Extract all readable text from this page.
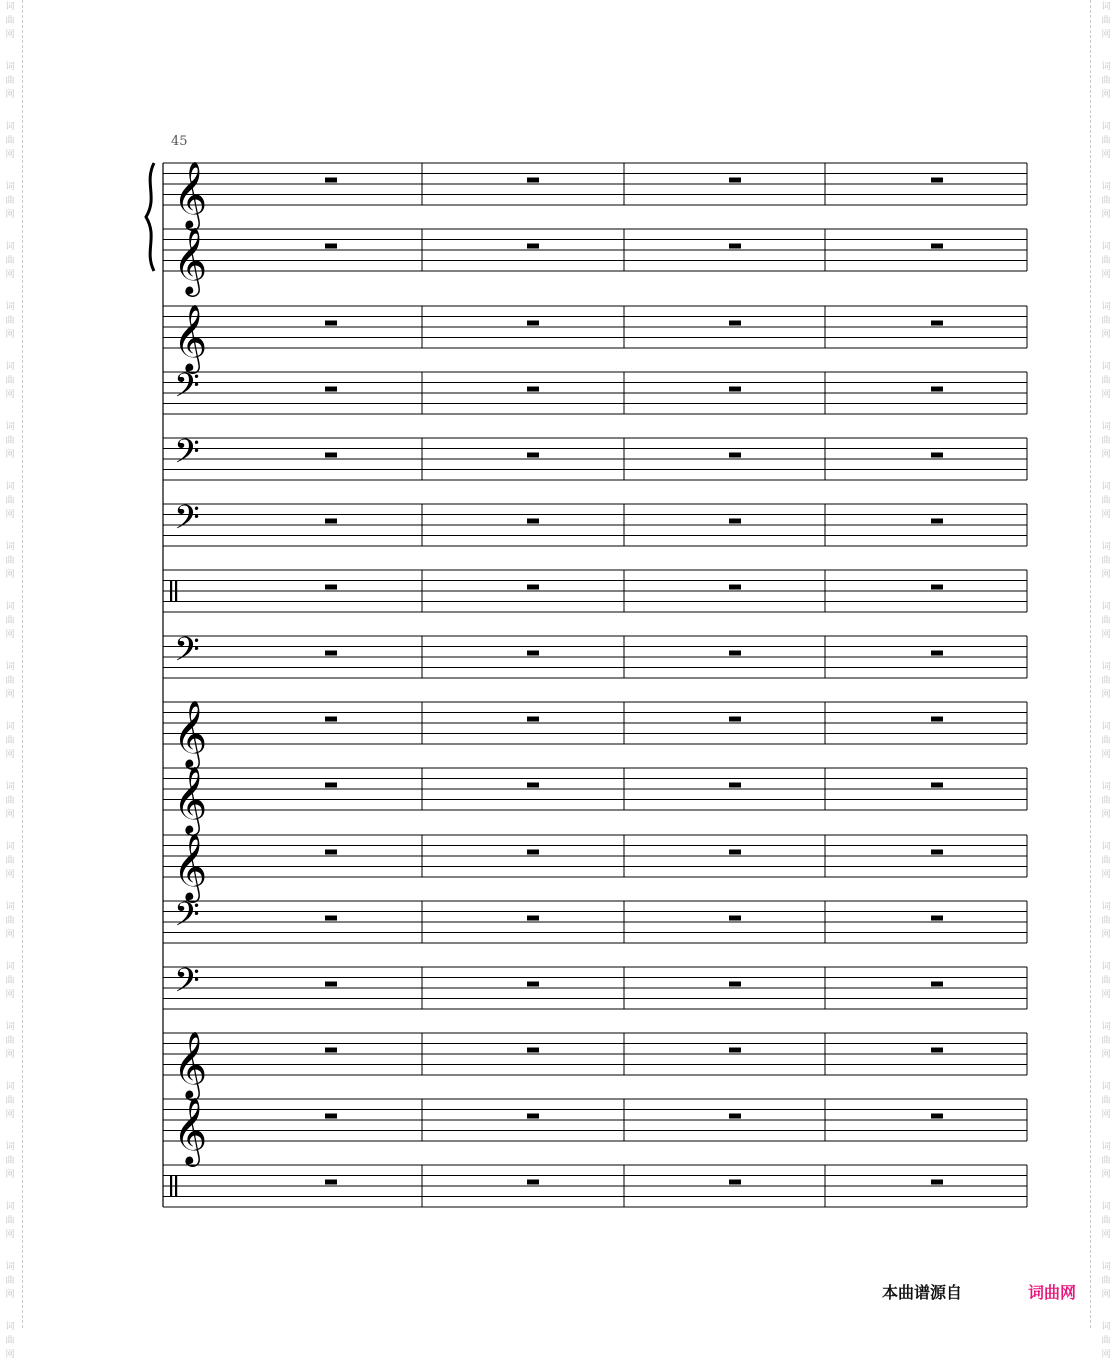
词
曲
网
词
曲
网
词
曲
网
词
曲
网
词
曲
网
词
曲
网
词
曲
网
词
曲
网
词
曲
网
词
曲
网
词
曲
网
词
曲
网
词
曲
网
词
曲
网
词
曲
网
词
曲
网
词
曲
网
词
曲
网
词
曲
网
词
曲
网
词
曲
网
词
曲
网
词
曲
网
词
曲
网
词
曲
网
词
曲
网
词
曲
网
词
曲
网
词
曲
网
词
曲
网
词
曲
网
词
曲
网
词
曲
网
词
曲
网
词
曲
网
词
曲
网
词
曲
网
词
曲
网
词
曲
网
词
曲
网
词
曲
网
词
曲
网
词
曲
网
词
曲
网
词
曲
网
词
曲
网
45
𝄞
𝄞
𝄞
𝄢
𝄢
𝄢
𝄢
𝄞
𝄞
𝄞
𝄢
𝄢
𝄞
𝄞
本曲谱源自	词曲网
